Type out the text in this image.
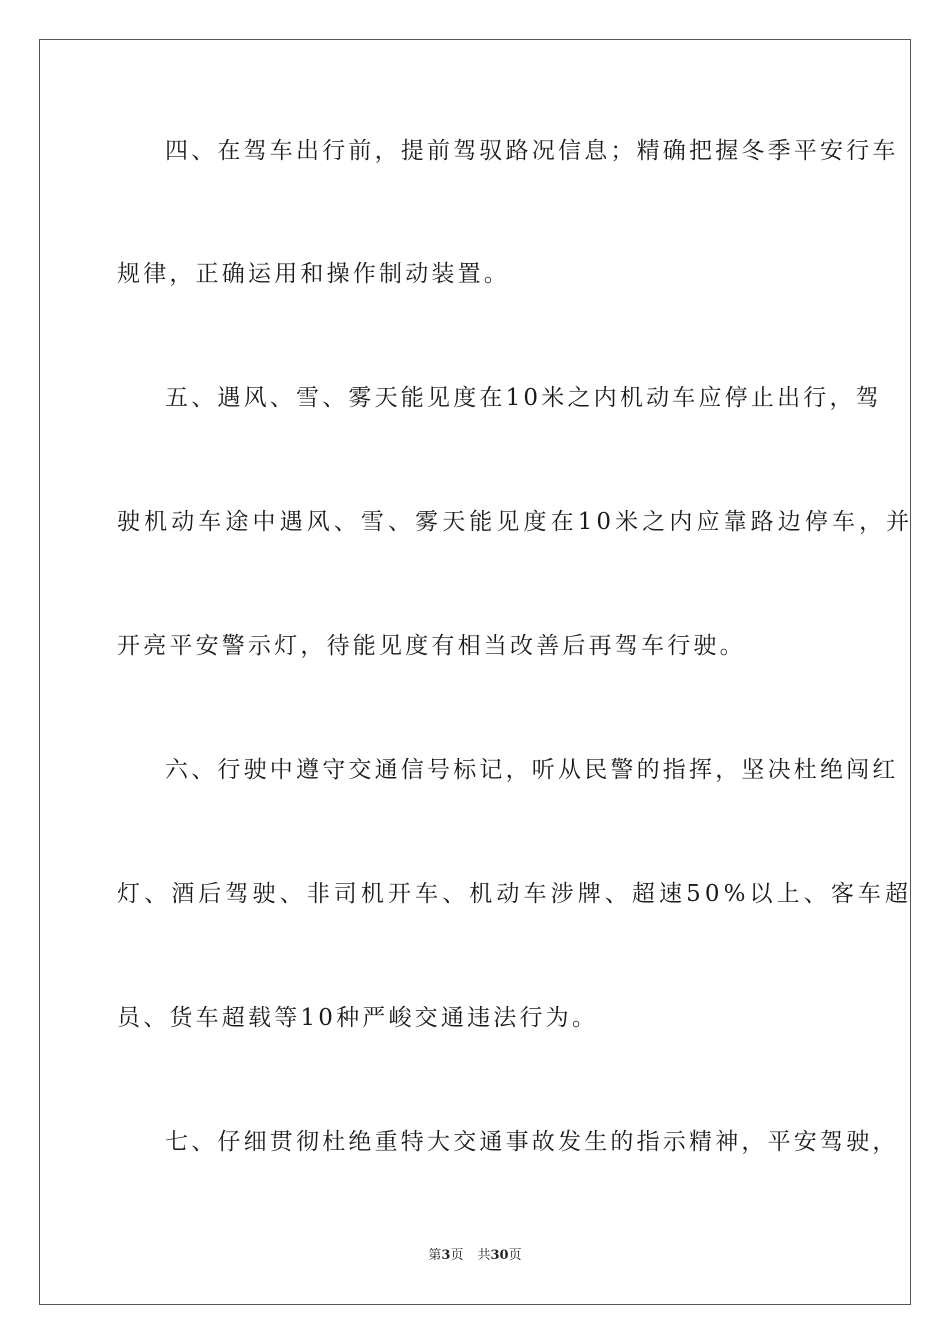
四、在驾车出行前，提前驾驭路况信息；精确把握冬季平安行车
规律，正确运用和操作制动装置。
五、遇风、雪、雾天能见度在10米之内机动车应停止出行，驾
驶机动车途中遇风、雪、雾天能见度在10米之内应靠路边停车，并
开亮平安警示灯，待能见度有相当改善后再驾车行驶。
六、行驶中遵守交通信号标记，听从民警的指挥，坚决杜绝闯红
灯、酒后驾驶、非司机开车、机动车涉牌、超速50%以上、客车超
员、货车超载等10种严峻交通违法行为。
七、仔细贯彻杜绝重特大交通事故发生的指示精神，平安驾驶，
第3页 共30页
